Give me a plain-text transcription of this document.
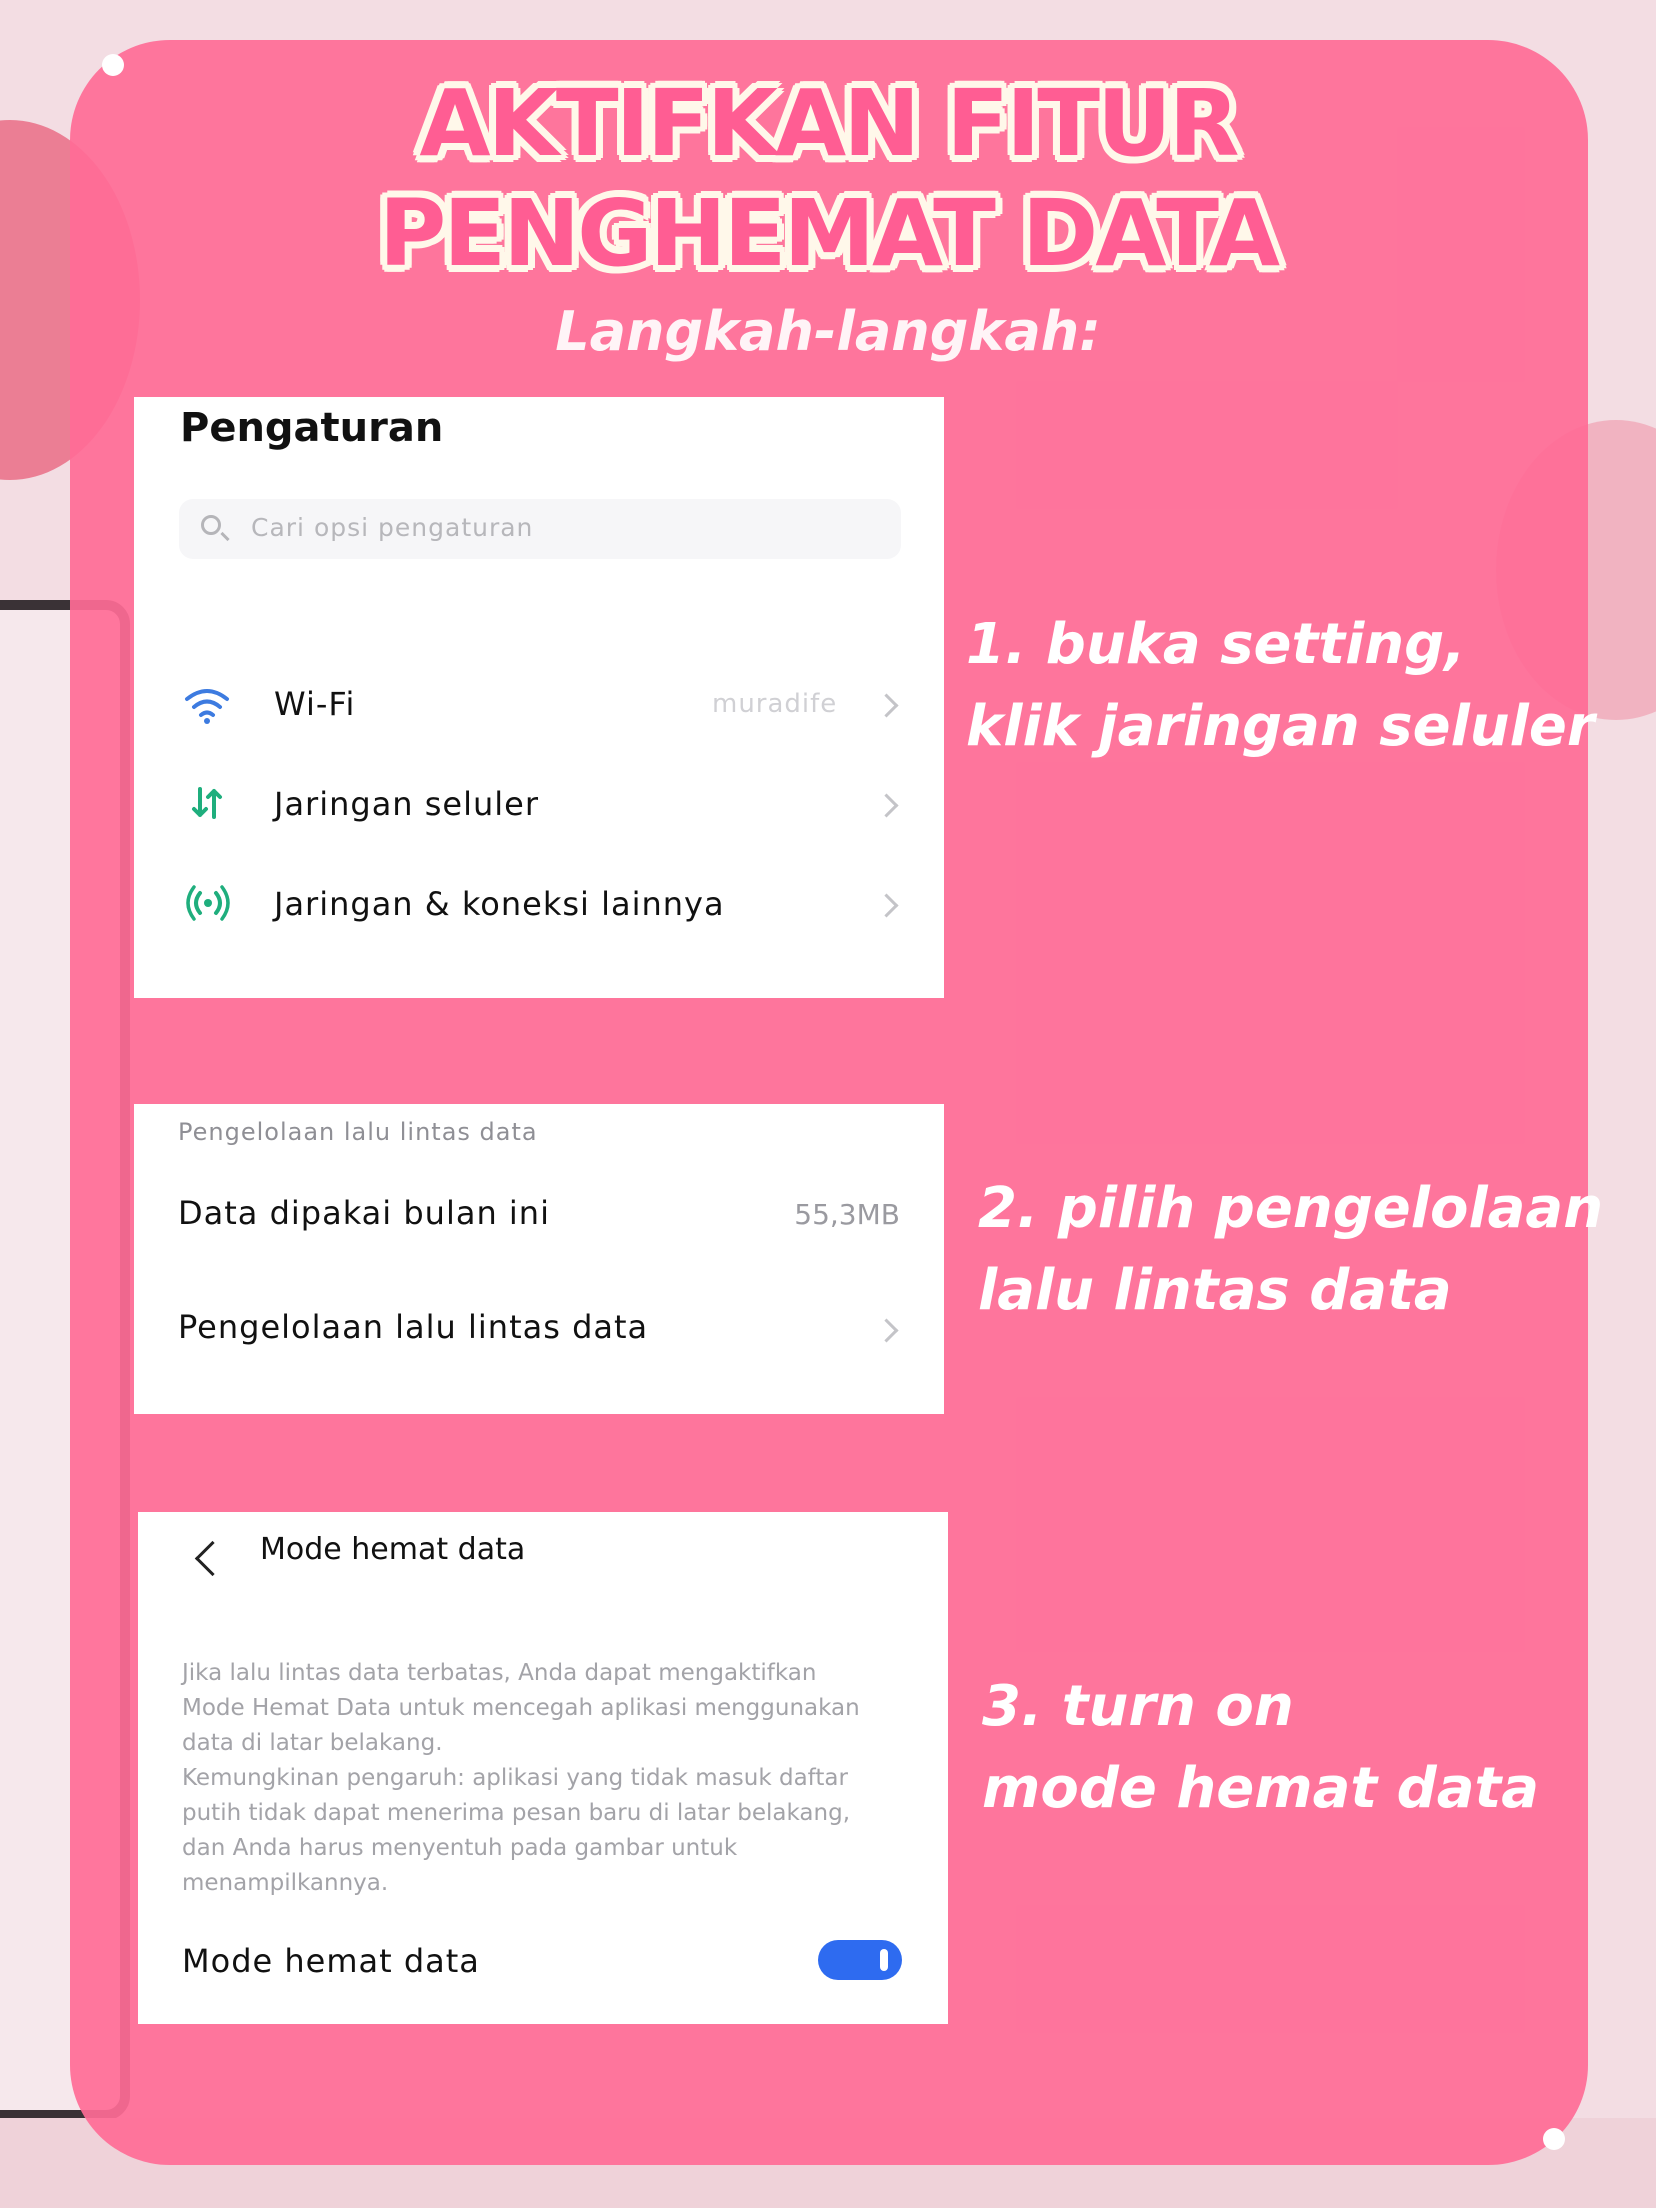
AKTIFKAN FITUR
PENGHEMAT DATA
Langkah-langkah:
Pengaturan
Cari opsi pengaturan
Wi-Fi	muradife
Jaringan seluler
Jaringan & koneksi lainnya
1. buka setting,
klik jaringan seluler
Pengelolaan lalu lintas data
Data dipakai bulan ini	55,3MB
Pengelolaan lalu lintas data
2. pilih pengelolaan
lalu lintas data
Mode hemat data
Jika lalu lintas data terbatas, Anda dapat mengaktifkan
Mode Hemat Data untuk mencegah aplikasi menggunakan
data di latar belakang.
Kemungkinan pengaruh: aplikasi yang tidak masuk daftar
putih tidak dapat menerima pesan baru di latar belakang,
dan Anda harus menyentuh pada gambar untuk
menampilkannya.
Mode hemat data
3. turn on
mode hemat data
